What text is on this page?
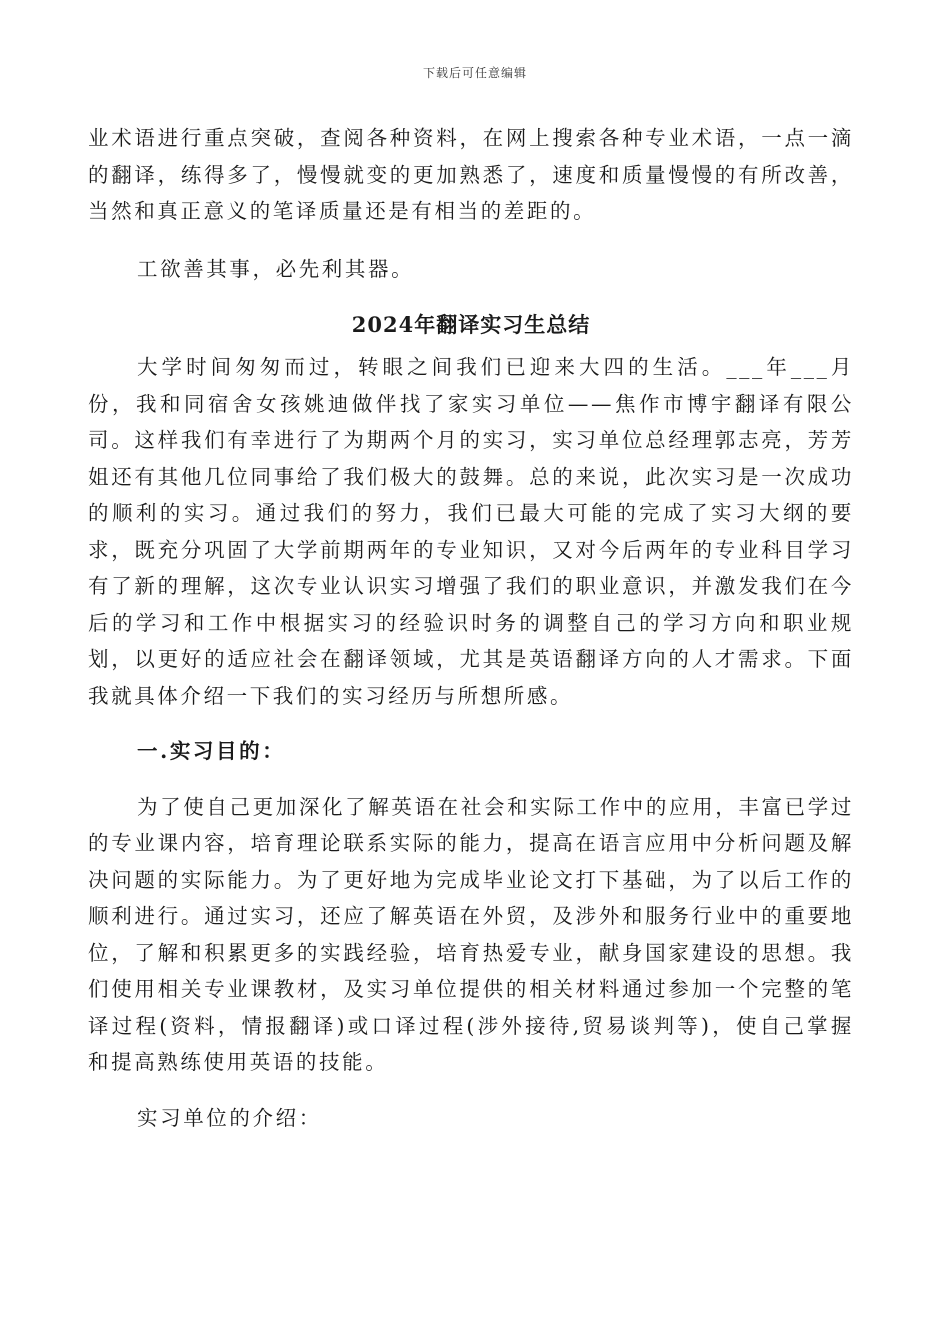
下载后可任意编辑

业术语进行重点突破，查阅各种资料，在网上搜索各种专业术语，一点一滴的翻译，练得多了，慢慢就变的更加熟悉了，速度和质量慢慢的有所改善，当然和真正意义的笔译质量还是有相当的差距的。

工欲善其事，必先利其器。

2024年翻译实习生总结

大学时间匆匆而过，转眼之间我们已迎来大四的生活。___年___月份，我和同宿舍女孩姚迪做伴找了家实习单位——焦作市博宇翻译有限公司。这样我们有幸进行了为期两个月的实习，实习单位总经理郭志亮，芳芳姐还有其他几位同事给了我们极大的鼓舞。总的来说，此次实习是一次成功的顺利的实习。通过我们的努力，我们已最大可能的完成了实习大纲的要求，既充分巩固了大学前期两年的专业知识，又对今后两年的专业科目学习有了新的理解，这次专业认识实习增强了我们的职业意识，并激发我们在今后的学习和工作中根据实习的经验识时务的调整自己的学习方向和职业规划，以更好的适应社会在翻译领域，尤其是英语翻译方向的人才需求。下面我就具体介绍一下我们的实习经历与所想所感。

一.实习目的：

为了使自己更加深化了解英语在社会和实际工作中的应用，丰富已学过的专业课内容，培育理论联系实际的能力，提高在语言应用中分析问题及解决问题的实际能力。为了更好地为完成毕业论文打下基础，为了以后工作的顺利进行。通过实习，还应了解英语在外贸，及涉外和服务行业中的重要地位，了解和积累更多的实践经验，培育热爱专业，献身国家建设的思想。我们使用相关专业课教材，及实习单位提供的相关材料通过参加一个完整的笔译过程(资料，情报翻译)或口译过程(涉外接待,贸易谈判等)，使自己掌握和提高熟练使用英语的技能。

实习单位的介绍：
